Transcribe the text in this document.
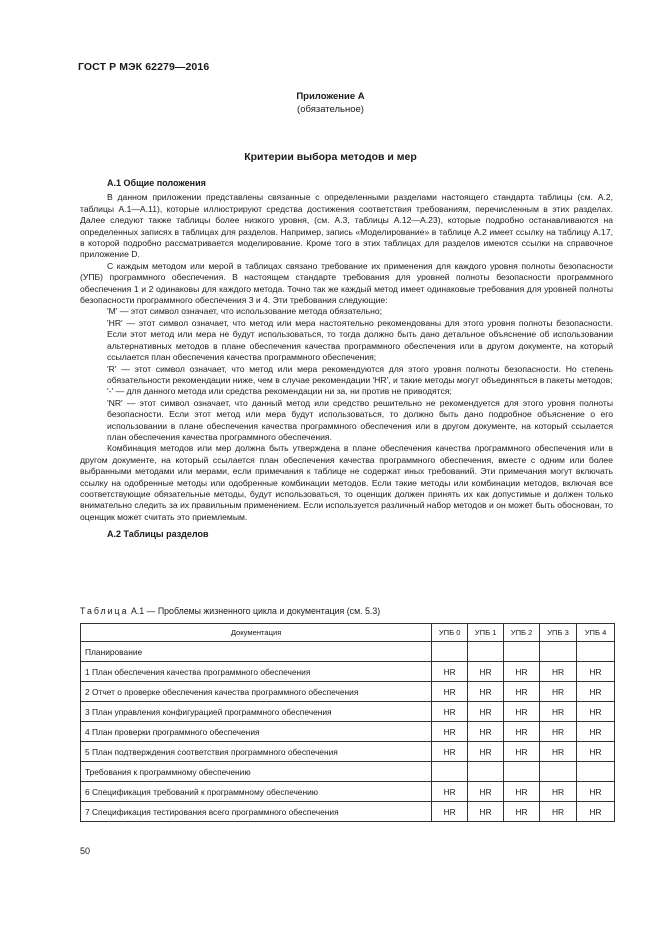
ГОСТ Р МЭК 62279—2016
Приложение А
(обязательное)
Критерии выбора методов и мер
А.1 Общие положения
В данном приложении представлены связанные с определенными разделами настоящего стандарта таблицы (см. А.2, таблицы А.1—А.11), которые иллюстрируют средства достижения соответствия требованиям, перечисленным в этих разделах. Далее следуют также таблицы более низкого уровня, (см. А.3, таблицы А.12—А.23), которые подробно останавливаются на определенных записях в таблицах для разделов. Например, запись «Моделирование» в таблице А.2 имеет ссылку на таблицу А.17, в которой подробно рассматривается моделирование. Кроме того в этих таблицах для разделов имеются ссылки на справочное приложение D.
С каждым методом или мерой в таблицах связано требование их применения для каждого уровня полноты безопасности (УПБ) программного обеспечения. В настоящем стандарте требования для уровней полноты безопасности программного обеспечения 1 и 2 одинаковы для каждого метода. Точно так же каждый метод имеет одинаковые требования для уровней полноты безопасности программного обеспечения 3 и 4. Эти требования следующие:
'M' — этот символ означает, что использование метода обязательно;
'HR' — этот символ означает, что метод или мера настоятельно рекомендованы для этого уровня полноты безопасности. Если этот метод или мера не будут использоваться, то тогда должно быть дано детальное объяснение об использовании альтернативных методов в плане обеспечения качества программного обеспечения или в другом документе, на который ссылается план обеспечения качества программного обеспечения;
'R' — этот символ означает, что метод или мера рекомендуются для этого уровня полноты безопасности. Но степень обязательности рекомендации ниже, чем в случае рекомендации 'HR', и такие методы могут объединяться в пакеты методов;
'-' — для данного метода или средства рекомендации ни за, ни против не приводятся;
'NR' — этот символ означает, что данный метод или средство решительно не рекомендуется для этого уровня полноты безопасности. Если этот метод или мера будут использоваться, то должно быть дано подробное объяснение о его использовании в плане обеспечения качества программного обеспечения или в другом документе, на который ссылается план обеспечения качества программного обеспечения.
Комбинация методов или мер должна быть утверждена в плане обеспечения качества программного обеспечения или в другом документе, на который ссылается план обеспечения качества программного обеспечения, вместе с одним или более выбранными методами или мерами, если примечания к таблице не содержат иных требований. Эти примечания могут включать ссылку на одобренные методы или одобренные комбинации методов. Если такие методы или комбинации методов, включая все соответствующие обязательные методы, будут использоваться, то оценщик должен принять их как допустимые и должен только внимательно следить за их правильным применением. Если используется различный набор методов и он может быть обоснован, то оценщик может считать это приемлемым.
А.2 Таблицы разделов
Таблица А.1 — Проблемы жизненного цикла и документация (см. 5.3)
Документация	УПБ 0	УПБ 1	УПБ 2	УПБ 3	УПБ 4
Планирование					
1 План обеспечения качества программного обеспечения	HR	HR	HR	HR	HR
2 Отчет о проверке обеспечения качества программного обеспечения	HR	HR	HR	HR	HR
3 План управления конфигурацией программного обеспечения	HR	HR	HR	HR	HR
4 План проверки программного обеспечения	HR	HR	HR	HR	HR
5 План подтверждения соответствия программного обеспечения	HR	HR	HR	HR	HR
Требования к программному обеспечению					
6 Спецификация требований к программному обеспечению	HR	HR	HR	HR	HR
7 Спецификация тестирования всего программного обеспечения	HR	HR	HR	HR	HR
50
